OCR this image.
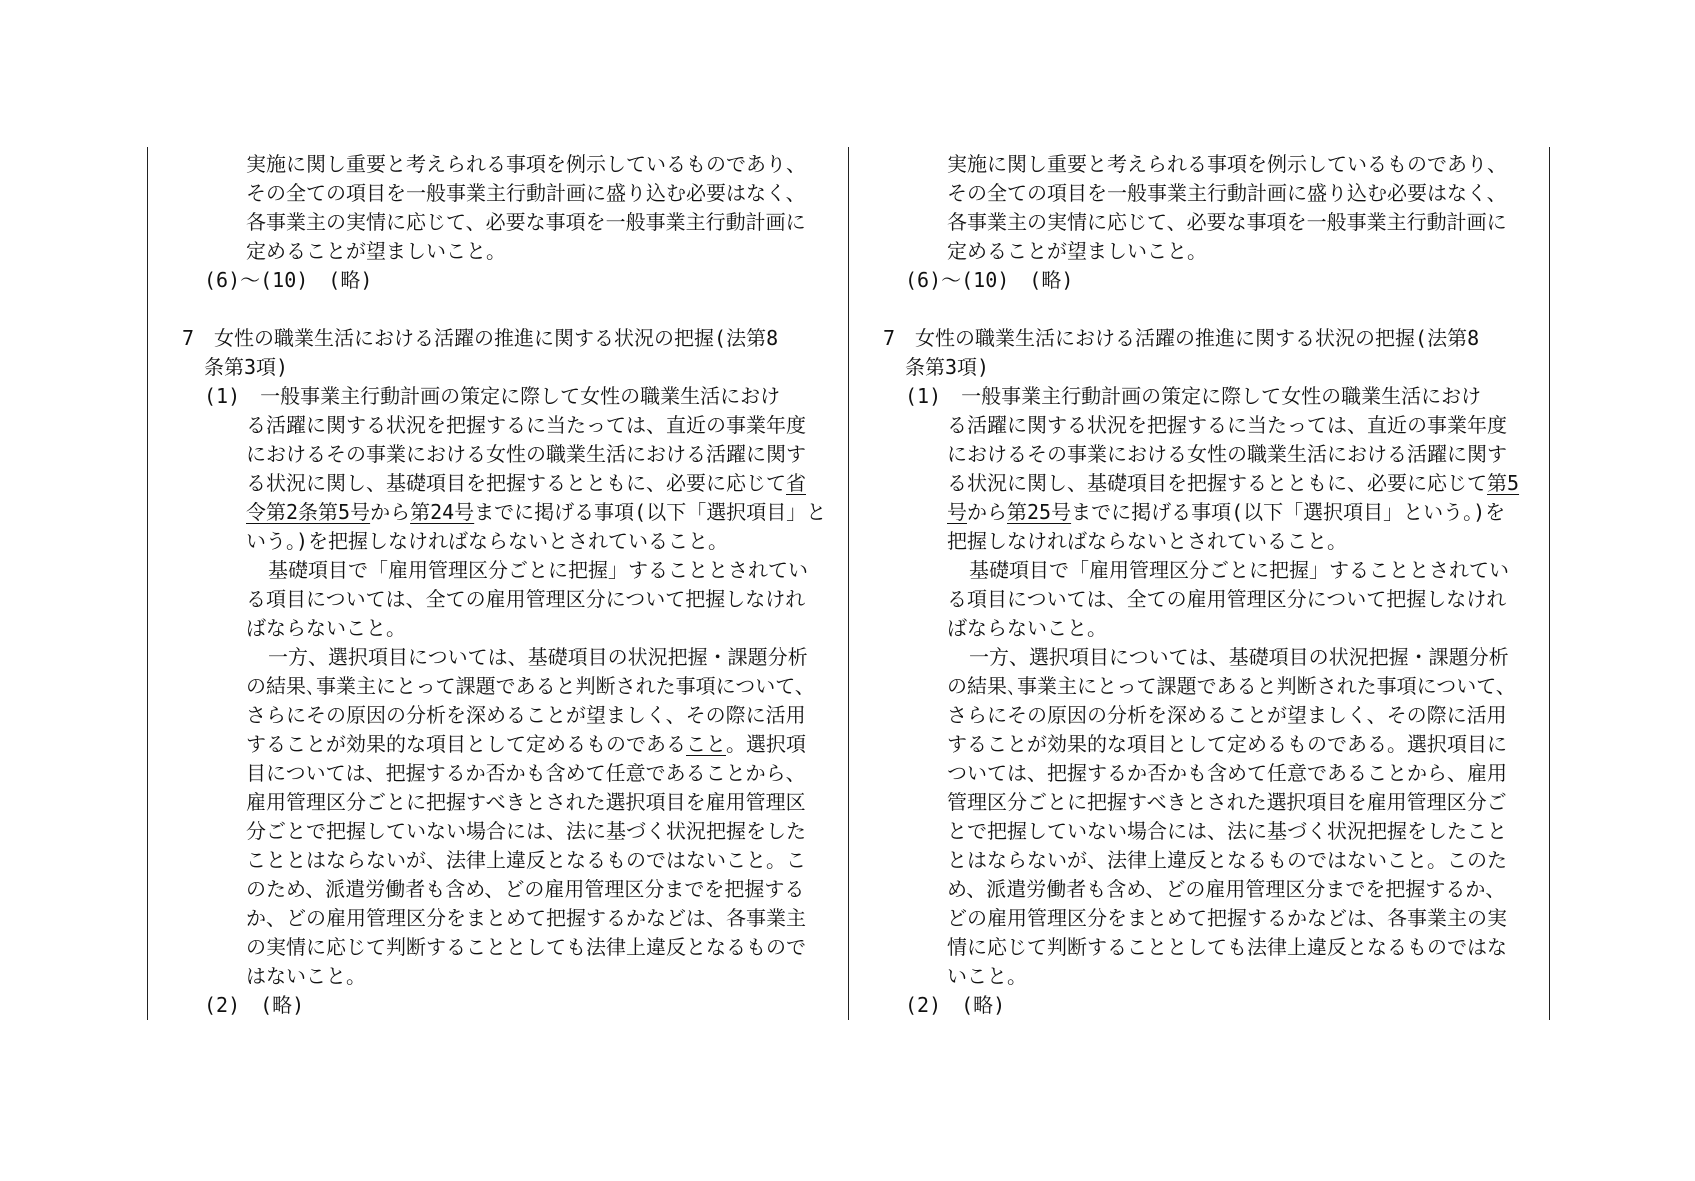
実施に関し重要と考えられる事項を例示しているものであり、
その全ての項目を一般事業主行動計画に盛り込む必要はなく、
各事業主の実情に応じて、必要な事項を一般事業主行動計画に
定めることが望ましいこと。
(6)〜(10)　(略)
7　女性の職業生活における活躍の推進に関する状況の把握(法第8
条第3項)
(1)　一般事業主行動計画の策定に際して女性の職業生活におけ
る活躍に関する状況を把握するに当たっては、直近の事業年度
におけるその事業における女性の職業生活における活躍に関す
る状況に関し、基礎項目を把握するとともに、必要に応じて省
令第2条第5号から第24号までに掲げる事項(以下「選択項目」と
いう。)を把握しなければならないとされていること。
基礎項目で「雇用管理区分ごとに把握」することとされてい
る項目については、全ての雇用管理区分について把握しなけれ
ばならないこと。
一方、選択項目については、基礎項目の状況把握・課題分析
の結果､事業主にとって課題であると判断された事項について、
さらにその原因の分析を深めることが望ましく、その際に活用
することが効果的な項目として定めるものであること。選択項
目については、把握するか否かも含めて任意であることから、
雇用管理区分ごとに把握すべきとされた選択項目を雇用管理区
分ごとで把握していない場合には、法に基づく状況把握をした
こととはならないが、法律上違反となるものではないこと。こ
のため、派遣労働者も含め、どの雇用管理区分までを把握する
か、どの雇用管理区分をまとめて把握するかなどは、各事業主
の実情に応じて判断することとしても法律上違反となるもので
はないこと。
(2)　(略)
実施に関し重要と考えられる事項を例示しているものであり、
その全ての項目を一般事業主行動計画に盛り込む必要はなく、
各事業主の実情に応じて、必要な事項を一般事業主行動計画に
定めることが望ましいこと。
(6)〜(10)　(略)
7　女性の職業生活における活躍の推進に関する状況の把握(法第8
条第3項)
(1)　一般事業主行動計画の策定に際して女性の職業生活におけ
る活躍に関する状況を把握するに当たっては、直近の事業年度
におけるその事業における女性の職業生活における活躍に関す
る状況に関し、基礎項目を把握するとともに、必要に応じて第5
号から第25号までに掲げる事項(以下「選択項目」という。)を
把握しなければならないとされていること。
基礎項目で「雇用管理区分ごとに把握」することとされてい
る項目については、全ての雇用管理区分について把握しなけれ
ばならないこと。
一方、選択項目については、基礎項目の状況把握・課題分析
の結果､事業主にとって課題であると判断された事項について、
さらにその原因の分析を深めることが望ましく、その際に活用
することが効果的な項目として定めるものである。選択項目に
ついては、把握するか否かも含めて任意であることから、雇用
管理区分ごとに把握すべきとされた選択項目を雇用管理区分ご
とで把握していない場合には、法に基づく状況把握をしたこと
とはならないが、法律上違反となるものではないこと。このた
め、派遣労働者も含め、どの雇用管理区分までを把握するか、
どの雇用管理区分をまとめて把握するかなどは、各事業主の実
情に応じて判断することとしても法律上違反となるものではな
いこと。
(2)　(略)
